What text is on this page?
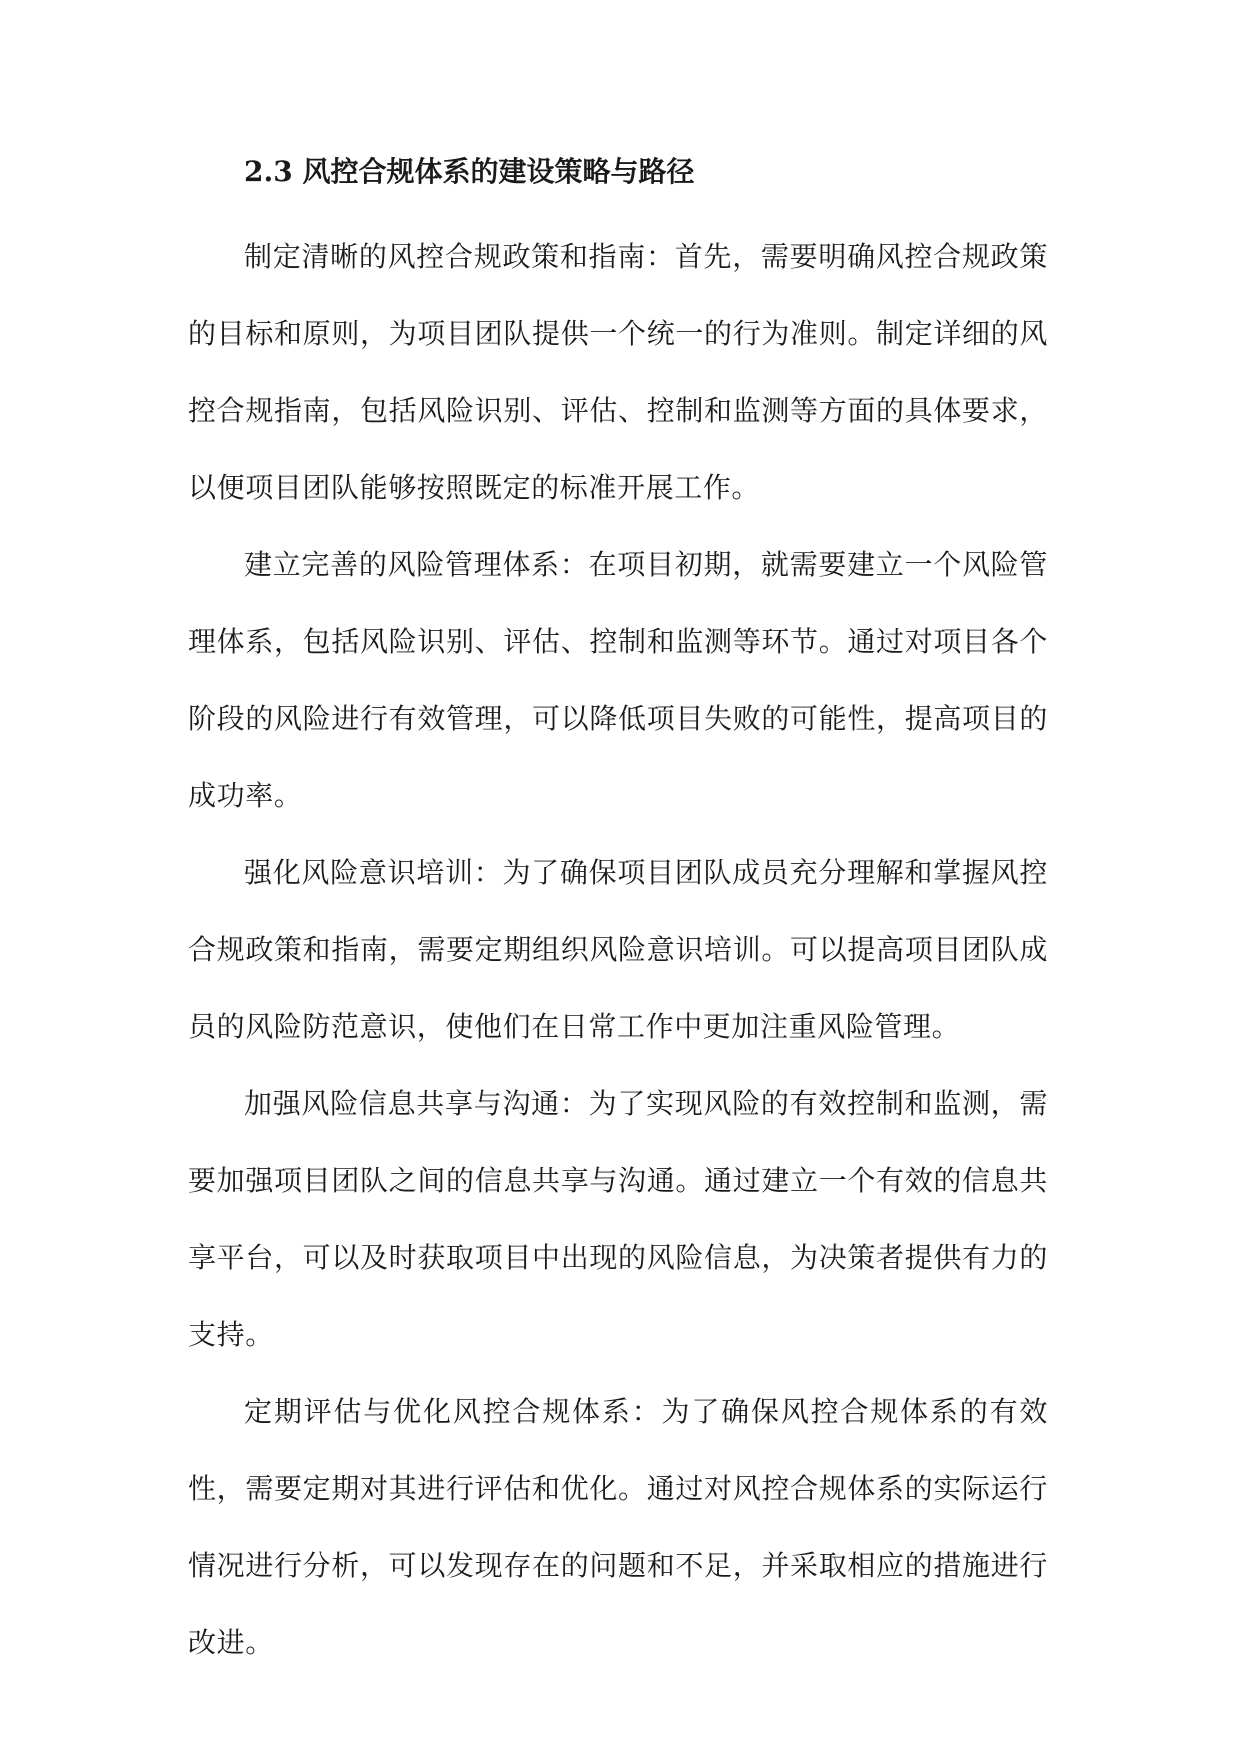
2.3 风控合规体系的建设策略与路径

制定清晰的风控合规政策和指南：首先，需要明确风控合规政策的目标和原则，为项目团队提供一个统一的行为准则。制定详细的风控合规指南，包括风险识别、评估、控制和监测等方面的具体要求，以便项目团队能够按照既定的标准开展工作。

建立完善的风险管理体系：在项目初期，就需要建立一个风险管理体系，包括风险识别、评估、控制和监测等环节。通过对项目各个阶段的风险进行有效管理，可以降低项目失败的可能性，提高项目的成功率。

强化风险意识培训：为了确保项目团队成员充分理解和掌握风控合规政策和指南，需要定期组织风险意识培训。可以提高项目团队成员的风险防范意识，使他们在日常工作中更加注重风险管理。

加强风险信息共享与沟通：为了实现风险的有效控制和监测，需要加强项目团队之间的信息共享与沟通。通过建立一个有效的信息共享平台，可以及时获取项目中出现的风险信息，为决策者提供有力的支持。

定期评估与优化风控合规体系：为了确保风控合规体系的有效性，需要定期对其进行评估和优化。通过对风控合规体系的实际运行情况进行分析，可以发现存在的问题和不足，并采取相应的措施进行改进。
